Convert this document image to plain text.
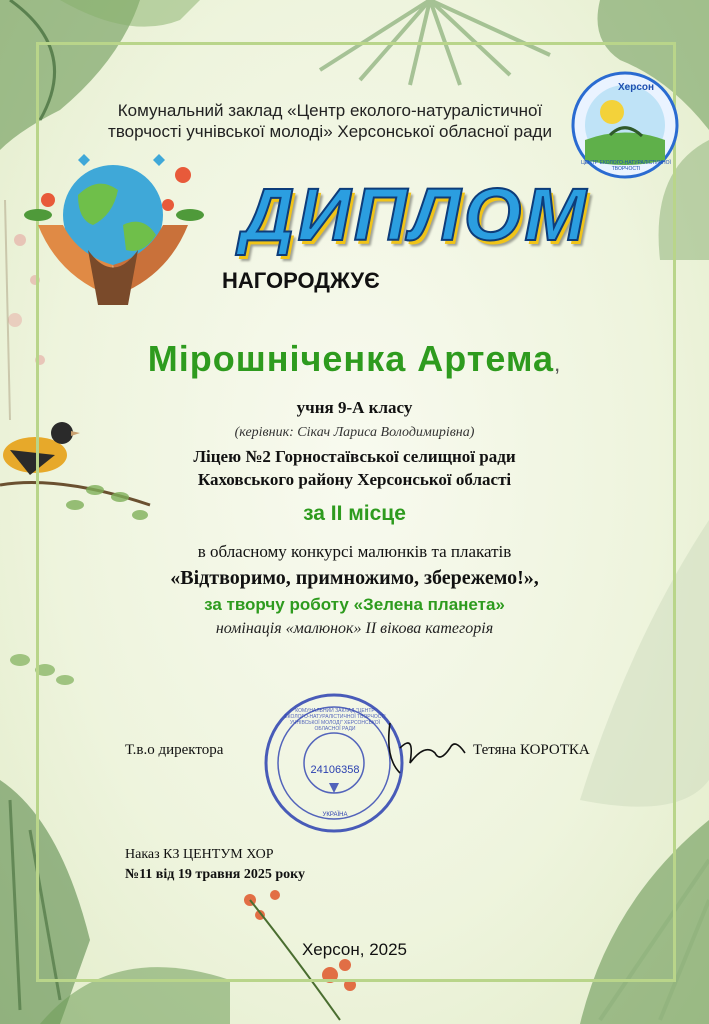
Херсон
ЦЕНТР ЕКОЛОГО-НАТУРАЛІСТИЧНОЇ ТВОРЧОСТІ
Комунальний заклад «Центр еколого-натуралістичної
творчості учнівської молоді» Херсонської обласної ради
ДИПЛОМ
НАГОРОДЖУЄ
Мірошніченка Артема,
учня 9-А класу
(керівник: Сікач Лариса Володимирівна)
Ліцею №2 Горностаївської селищної ради
Каховського району Херсонської області
за ІІ місце
в обласному конкурсі малюнків та плакатів
«Відтворимо, примножимо, збережемо!»,
за творчу роботу «Зелена планета»
номінація «малюнок» ІІ вікова категорія
Т.в.о директора
24106358
УКРАЇНА
КОМУНАЛЬНИЙ ЗАКЛАД "ЦЕНТР ЕКОЛОГО-НАТУРАЛІСТИЧНОЇ ТВОРЧОСТІ УЧНІВСЬКОЇ МОЛОДІ" ХЕРСОНСЬКОЇ ОБЛАСНОЇ РАДИ
Тетяна КОРОТКА
Наказ КЗ ЦЕНТУМ ХОР
№11 від 19 травня 2025 року
Херсон, 2025
